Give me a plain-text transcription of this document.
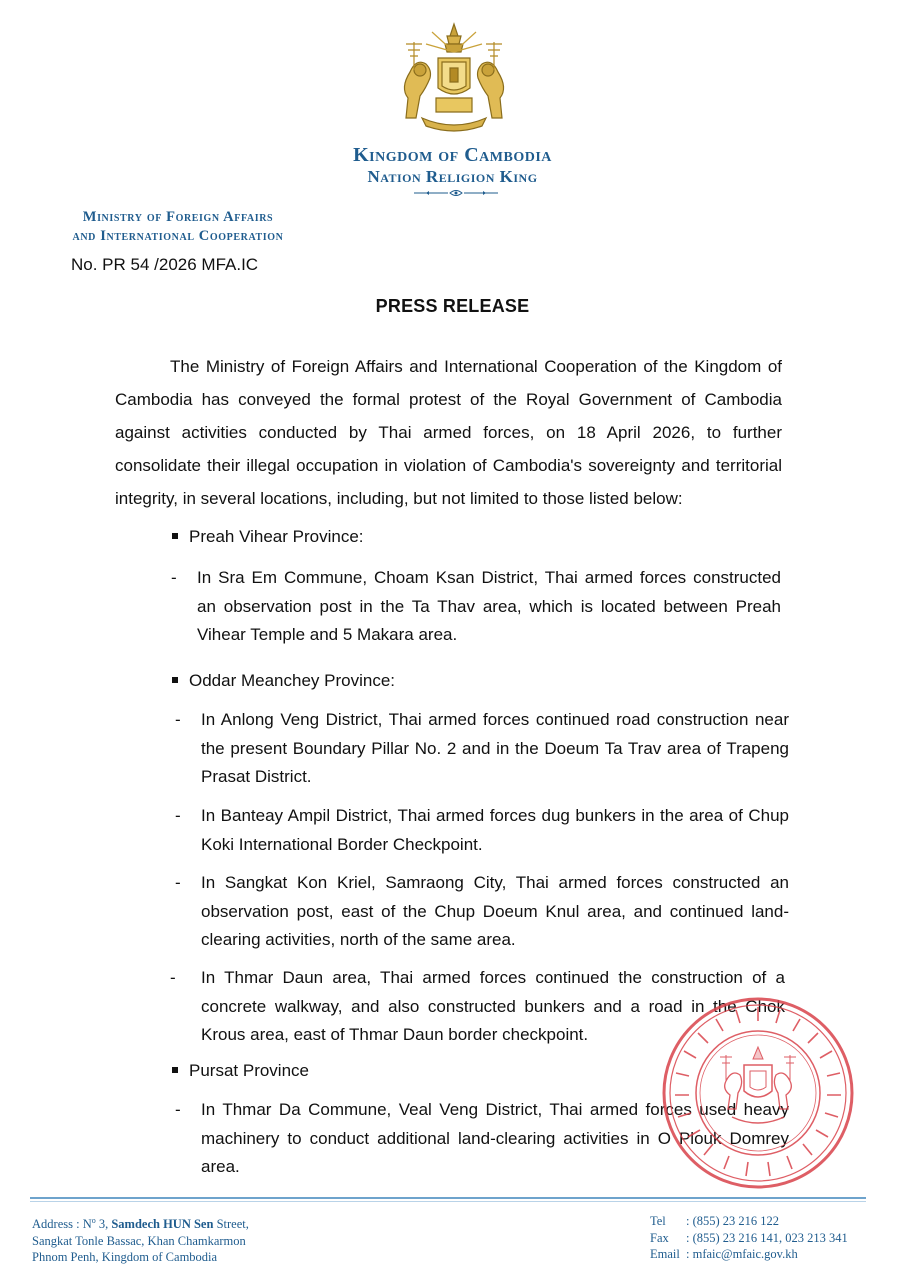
Kingdom of Cambodia
Nation Religion King
Ministry of Foreign Affairs
and International Cooperation
No. PR 54 /2026 MFA.IC
PRESS RELEASE

The Ministry of Foreign Affairs and International Cooperation of the Kingdom of Cambodia has conveyed the formal protest of the Royal Government of Cambodia against activities conducted by Thai armed forces, on 18 April 2026, to further consolidate their illegal occupation in violation of Cambodia's sovereignty and territorial integrity, in several locations, including, but not limited to those listed below:

Preah Vihear Province:
- In Sra Em Commune, Choam Ksan District, Thai armed forces constructed an observation post in the Ta Thav area, which is located between Preah Vihear Temple and 5 Makara area.
Oddar Meanchey Province:
- In Anlong Veng District, Thai armed forces continued road construction near the present Boundary Pillar No. 2 and in the Doeum Ta Trav area of Trapeng Prasat District.
- In Banteay Ampil District, Thai armed forces dug bunkers in the area of Chup Koki International Border Checkpoint.
- In Sangkat Kon Kriel, Samraong City, Thai armed forces constructed an observation post, east of the Chup Doeum Knul area, and continued land-clearing activities, north of the same area.
- In Thmar Daun area, Thai armed forces continued the construction of a concrete walkway, and also constructed bunkers and a road in the Chok Krous area, east of Thmar Daun border checkpoint.
Pursat Province
- In Thmar Da Commune, Veal Veng District, Thai armed forces used heavy machinery to conduct additional land-clearing activities in O Plouk Domrey area.
Address : $N^o$ 3, Samdech HUN Sen Street,
Sangkat Tonle Bassac, Khan Chamkarmon
Phnom Penh, Kingdom of Cambodia
Tel : (855) 23 216 122
Fax : (855) 23 216 141, 023 213 341
Email : mfaic@mfaic.gov.kh
